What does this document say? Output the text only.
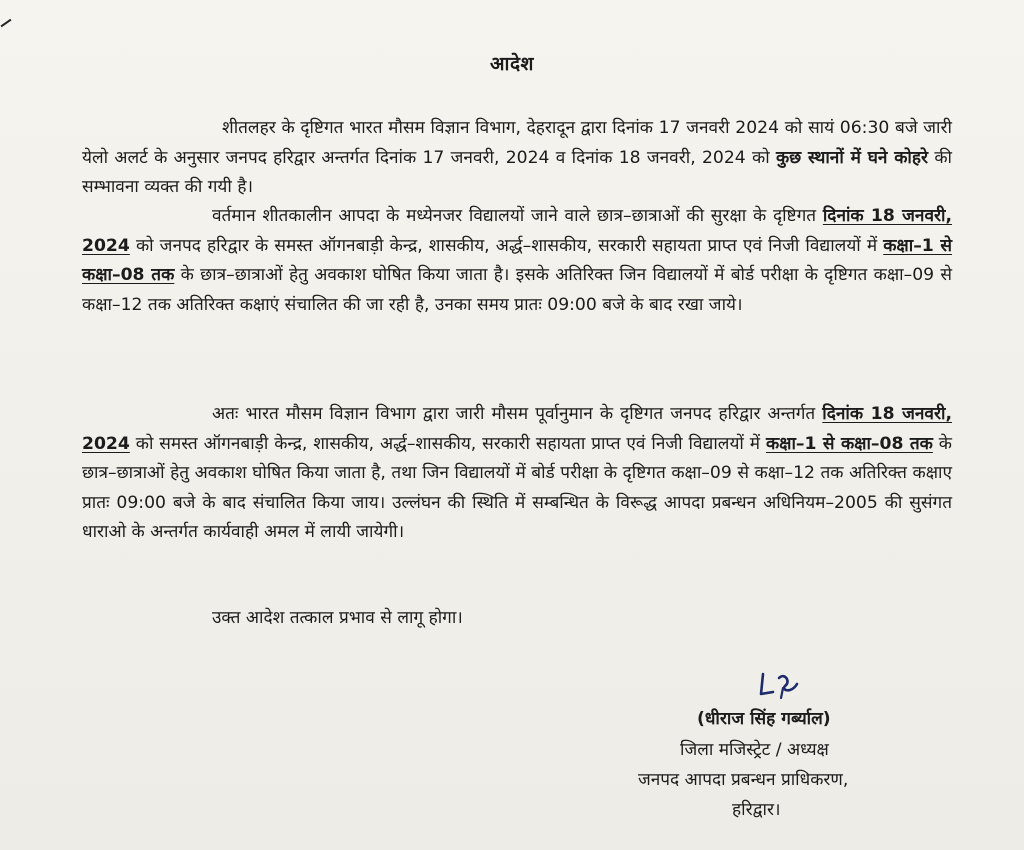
आदेश

शीतलहर के दृष्टिगत भारत मौसम विज्ञान विभाग, देहरादून द्वारा दिनांक 17 जनवरी 2024 को सायं 06:30 बजे जारी येलो अलर्ट के अनुसार जनपद हरिद्वार अन्तर्गत दिनांक 17 जनवरी, 2024 व दिनांक 18 जनवरी, 2024 को कुछ स्थानों में घने कोहरे की सम्भावना व्यक्त की गयी है।

वर्तमान शीतकालीन आपदा के मध्येनजर विद्यालयों जाने वाले छात्र–छात्राओं की सुरक्षा के दृष्टिगत दिनांक 18 जनवरी, 2024 को जनपद हरिद्वार के समस्त ऑगनबाड़ी केन्द्र, शासकीय, अर्द्ध–शासकीय, सरकारी सहायता प्राप्त एवं निजी विद्यालयों में कक्षा–1 से कक्षा–08 तक के छात्र–छात्राओं हेतु अवकाश घोषित किया जाता है। इसके अतिरिक्त जिन विद्यालयों में बोर्ड परीक्षा के दृष्टिगत कक्षा–09 से कक्षा–12 तक अतिरिक्त कक्षाएं संचालित की जा रही है, उनका समय प्रातः 09:00 बजे के बाद रखा जाये।

अतः भारत मौसम विज्ञान विभाग द्वारा जारी मौसम पूर्वानुमान के दृष्टिगत जनपद हरिद्वार अन्तर्गत दिनांक 18 जनवरी, 2024 को समस्त ऑगनबाड़ी केन्द्र, शासकीय, अर्द्ध–शासकीय, सरकारी सहायता प्राप्त एवं निजी विद्यालयों में कक्षा–1 से कक्षा–08 तक के छात्र–छात्राओं हेतु अवकाश घोषित किया जाता है, तथा जिन विद्यालयों में बोर्ड परीक्षा के दृष्टिगत कक्षा–09 से कक्षा–12 तक अतिरिक्त कक्षाए प्रातः 09:00 बजे के बाद संचालित किया जाय। उल्लंघन की स्थिति में सम्बन्धित के विरूद्ध आपदा प्रबन्धन अधिनियम–2005 की सुसंगत धाराओ के अन्तर्गत कार्यवाही अमल में लायी जायेगी।

उक्त आदेश तत्काल प्रभाव से लागू होगा।

(धीराज सिंह गर्ब्याल)
जिला मजिस्ट्रेट / अध्यक्ष
जनपद आपदा प्रबन्धन प्राधिकरण,
हरिद्वार।
